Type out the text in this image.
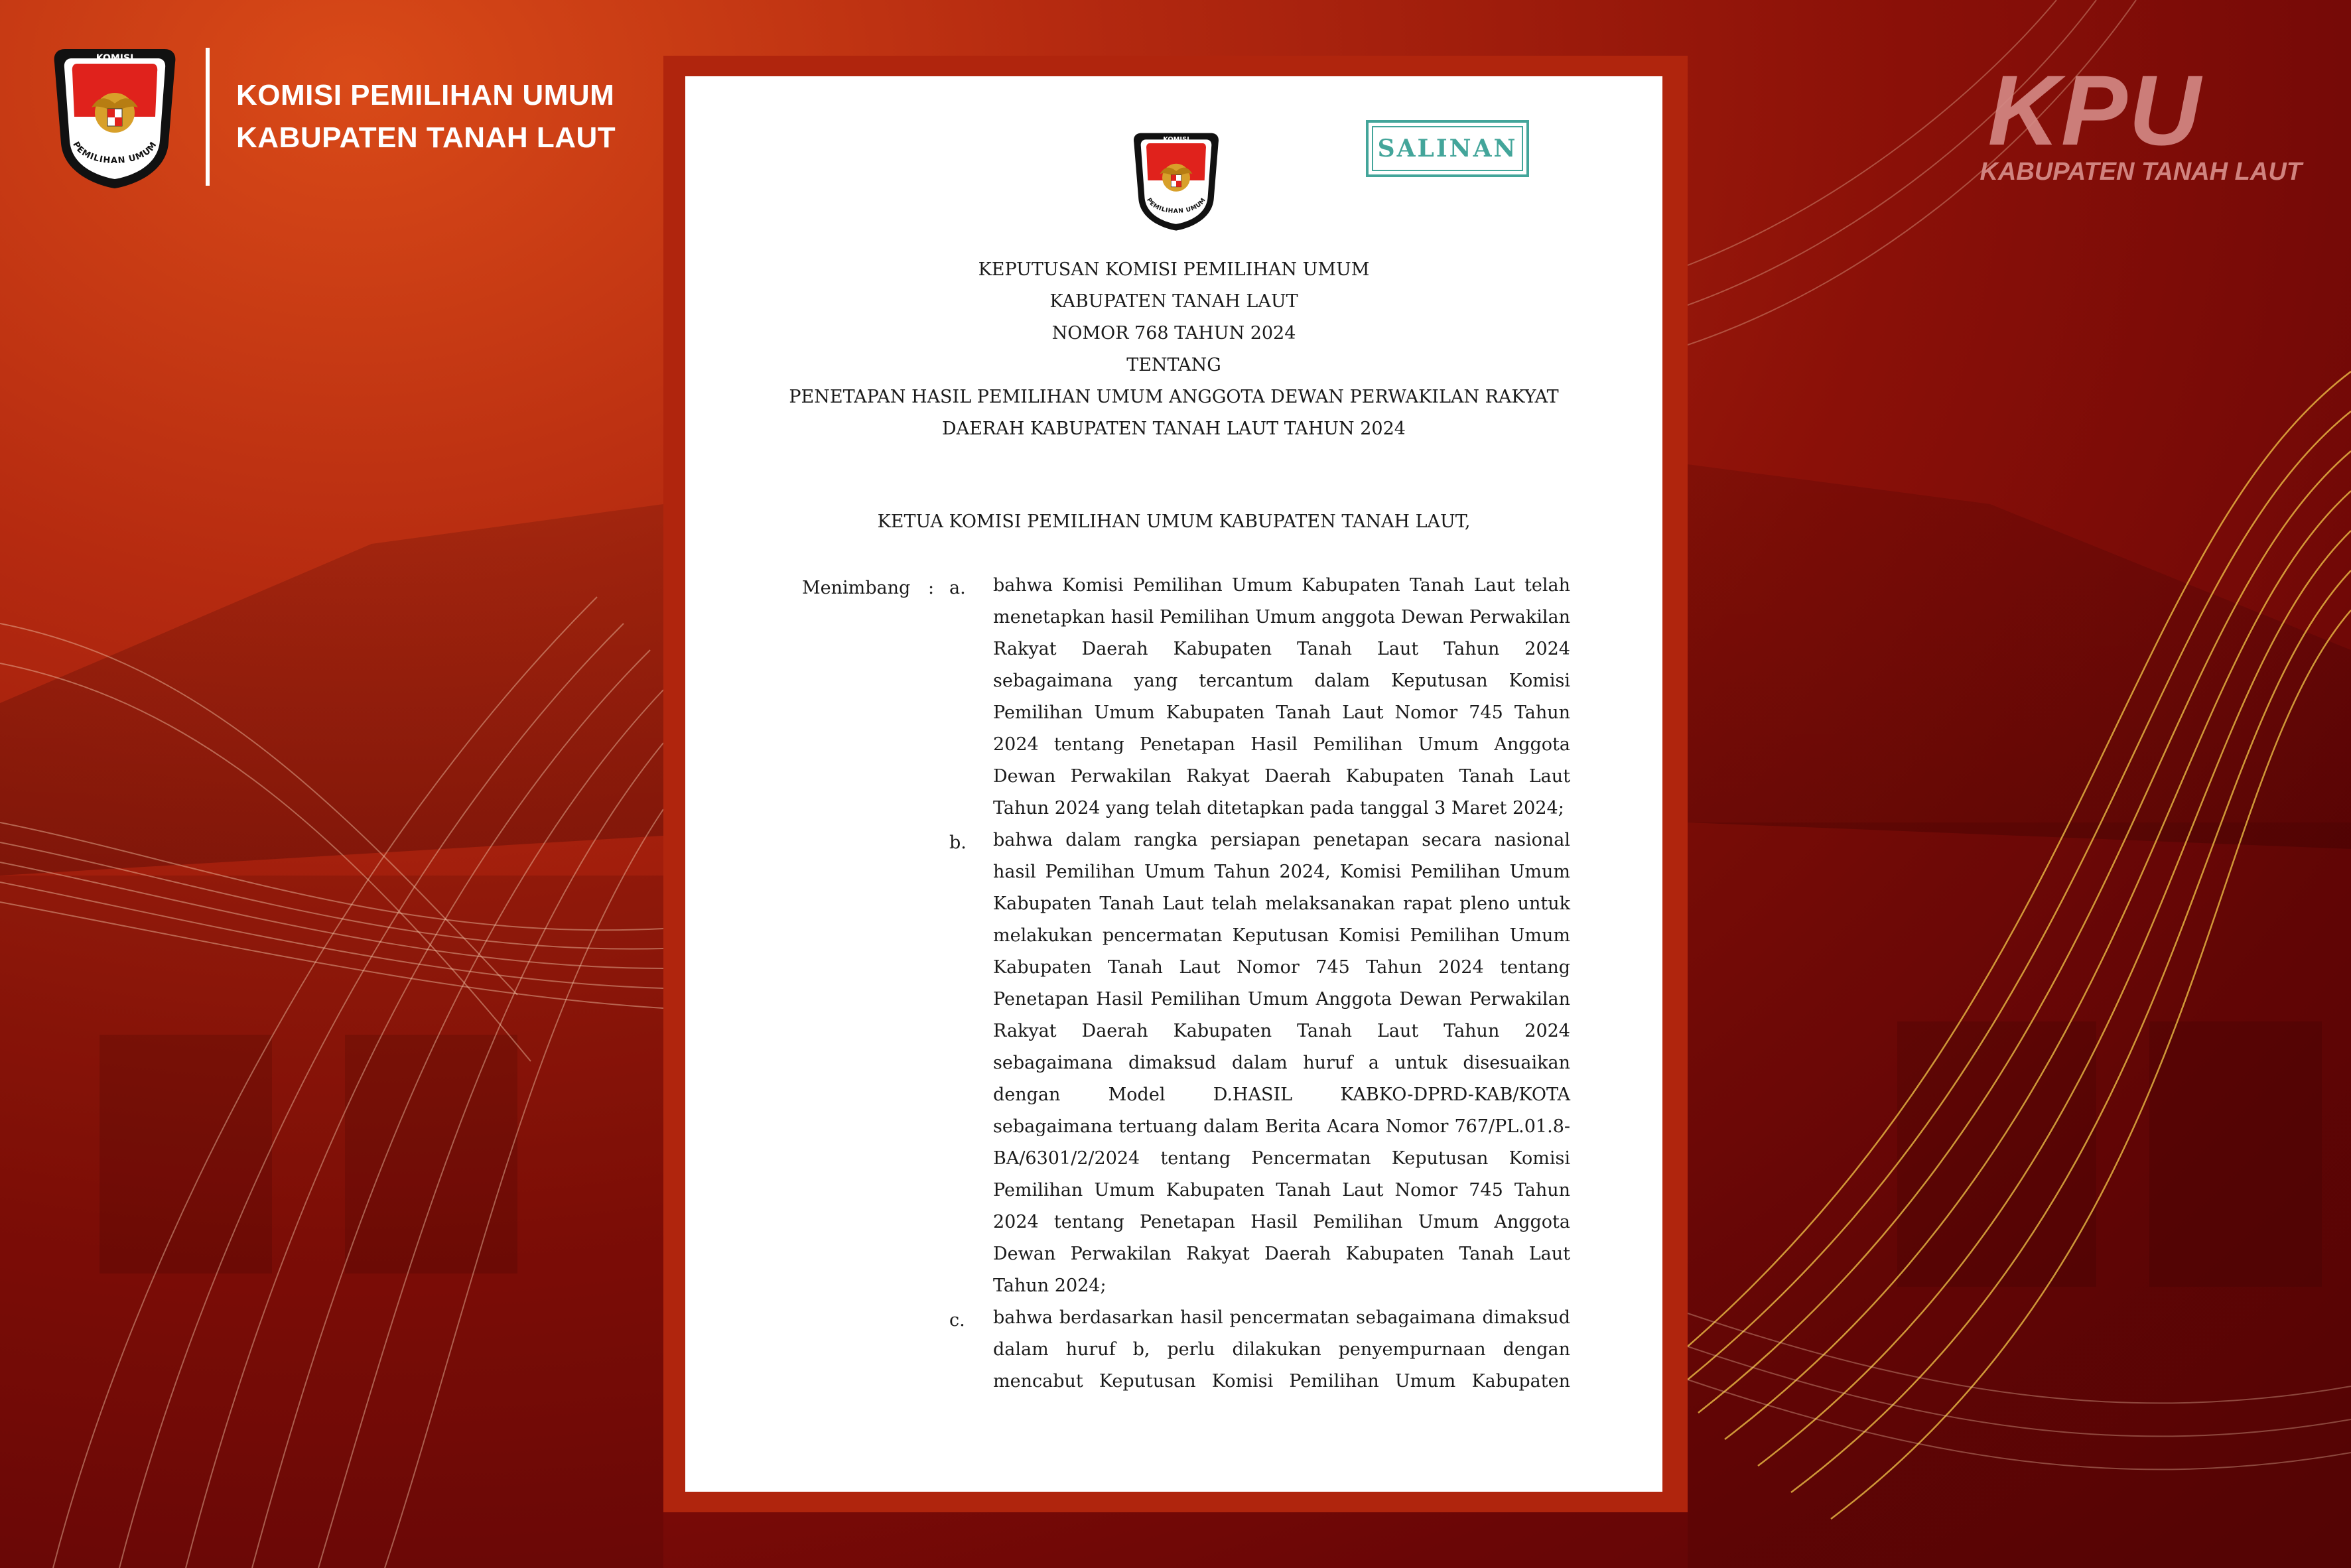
KOMISI
PEMILIHAN UMUM
KOMISI PEMILIHAN UMUM
KABUPATEN TANAH LAUT	KPU
KABUPATEN TANAH LAUT
KOMISI
PEMILIHAN UMUM
SALINAN
KEPUTUSAN KOMISI PEMILIHAN UMUM
KABUPATEN TANAH LAUT
NOMOR 768 TAHUN 2024
TENTANG
PENETAPAN HASIL PEMILIHAN UMUM ANGGOTA DEWAN PERWAKILAN RAKYAT
DAERAH KABUPATEN TANAH LAUT TAHUN 2024
KETUA KOMISI PEMILIHAN UMUM KABUPATEN TANAH LAUT,
Menimbang : a. bahwa Komisi Pemilihan Umum Kabupaten Tanah Laut telah
menetapkan hasil Pemilihan Umum anggota Dewan Perwakilan
Rakyat Daerah Kabupaten Tanah Laut Tahun 2024
sebagaimana yang tercantum dalam Keputusan Komisi
Pemilihan Umum Kabupaten Tanah Laut Nomor 745 Tahun
2024 tentang Penetapan Hasil Pemilihan Umum Anggota
Dewan Perwakilan Rakyat Daerah Kabupaten Tanah Laut
Tahun 2024 yang telah ditetapkan pada tanggal 3 Maret 2024;
b. bahwa dalam rangka persiapan penetapan secara nasional
hasil Pemilihan Umum Tahun 2024, Komisi Pemilihan Umum
Kabupaten Tanah Laut telah melaksanakan rapat pleno untuk
melakukan pencermatan Keputusan Komisi Pemilihan Umum
Kabupaten Tanah Laut Nomor 745 Tahun 2024 tentang
Penetapan Hasil Pemilihan Umum Anggota Dewan Perwakilan
Rakyat Daerah Kabupaten Tanah Laut Tahun 2024
sebagaimana dimaksud dalam huruf a untuk disesuaikan
dengan Model D.HASIL KABKO-DPRD-KAB/KOTA
sebagaimana tertuang dalam Berita Acara Nomor 767/PL.01.8-
BA/6301/2/2024 tentang Pencermatan Keputusan Komisi
Pemilihan Umum Kabupaten Tanah Laut Nomor 745 Tahun
2024 tentang Penetapan Hasil Pemilihan Umum Anggota
Dewan Perwakilan Rakyat Daerah Kabupaten Tanah Laut
Tahun 2024;
c. bahwa berdasarkan hasil pencermatan sebagaimana dimaksud
dalam huruf b, perlu dilakukan penyempurnaan dengan
mencabut Keputusan Komisi Pemilihan Umum Kabupaten
